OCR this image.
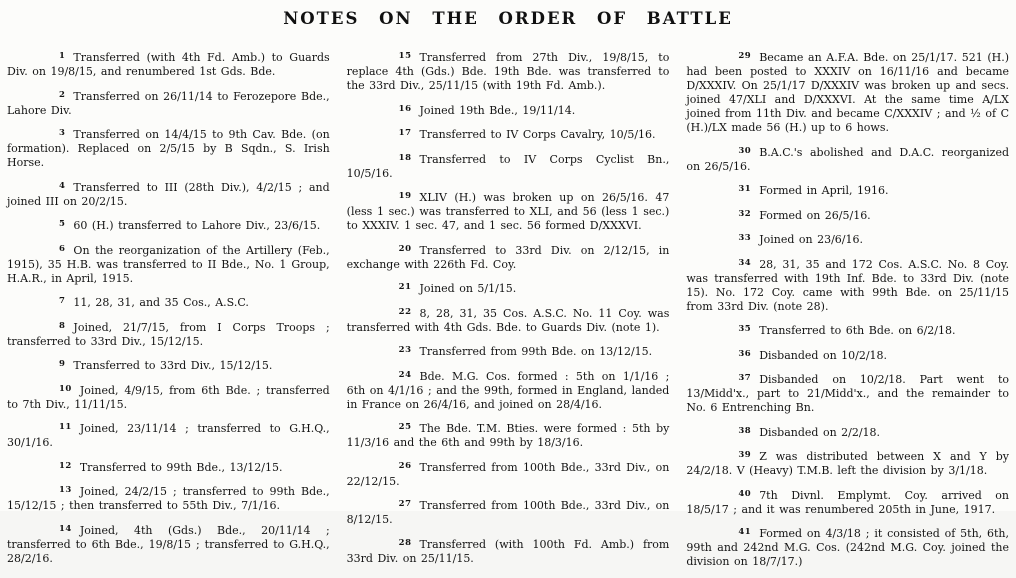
NOTES ON THE ORDER OF BATTLE

1 Transferred (with 4th Fd. Amb.) to Guards Div. on 19/8/15, and renumbered 1st Gds. Bde.

2 Transferred on 26/11/14 to Ferozepore Bde., Lahore Div.

3 Transferred on 14/4/15 to 9th Cav. Bde. (on formation). Replaced on 2/5/15 by B Sqdn., S. Irish Horse.

4 Transferred to III (28th Div.), 4/2/15 ; and joined III on 20/2/15.

5 60 (H.) transferred to Lahore Div., 23/6/15.

6 On the reorganization of the Artillery (Feb., 1915), 35 H.B. was transferred to II Bde., No. 1 Group, H.A.R., in April, 1915.

7 11, 28, 31, and 35 Cos., A.S.C.

8 Joined, 21/7/15, from I Corps Troops ; transferred to 33rd Div., 15/12/15.

9 Transferred to 33rd Div., 15/12/15.

10 Joined, 4/9/15, from 6th Bde. ; transferred to 7th Div., 11/11/15.

11 Joined, 23/11/14 ; transferred to G.H.Q., 30/1/16.

12 Transferred to 99th Bde., 13/12/15.

13 Joined, 24/2/15 ; transferred to 99th Bde., 15/12/15 ; then transferred to 55th Div., 7/1/16.

14 Joined, 4th (Gds.) Bde., 20/11/14 ; transferred to 6th Bde., 19/8/15 ; transferred to G.H.Q., 28/2/16.

15 Transferred from 27th Div., 19/8/15, to replace 4th (Gds.) Bde. 19th Bde. was transferred to the 33rd Div., 25/11/15 (with 19th Fd. Amb.).

16 Joined 19th Bde., 19/11/14.

17 Transferred to IV Corps Cavalry, 10/5/16.

18 Transferred to IV Corps Cyclist Bn., 10/5/16.

19 XLIV (H.) was broken up on 26/5/16. 47 (less 1 sec.) was transferred to XLI, and 56 (less 1 sec.) to XXXIV. 1 sec. 47, and 1 sec. 56 formed D/XXXVI.

20 Transferred to 33rd Div. on 2/12/15, in exchange with 226th Fd. Coy.

21 Joined on 5/1/15.

22 8, 28, 31, 35 Cos. A.S.C. No. 11 Coy. was transferred with 4th Gds. Bde. to Guards Div. (note 1).

23 Transferred from 99th Bde. on 13/12/15.

24 Bde. M.G. Cos. formed : 5th on 1/1/16 ; 6th on 4/1/16 ; and the 99th, formed in England, landed in France on 26/4/16, and joined on 28/4/16.

25 The Bde. T.M. Bties. were formed : 5th by 11/3/16 and the 6th and 99th by 18/3/16.

26 Transferred from 100th Bde., 33rd Div., on 22/12/15.

27 Transferred from 100th Bde., 33rd Div., on 8/12/15.

28 Transferred (with 100th Fd. Amb.) from 33rd Div. on 25/11/15.

29 Became an A.F.A. Bde. on 25/1/17. 521 (H.) had been posted to XXXIV on 16/11/16 and became D/XXXIV. On 25/1/17 D/XXXIV was broken up and secs. joined 47/XLI and D/XXXVI. At the same time A/LX joined from 11th Div. and became C/XXXIV ; and ½ of C (H.)/LX made 56 (H.) up to 6 hows.

30 B.A.C.'s abolished and D.A.C. reorganized on 26/5/16.

31 Formed in April, 1916.

32 Formed on 26/5/16.

33 Joined on 23/6/16.

34 28, 31, 35 and 172 Cos. A.S.C. No. 8 Coy. was transferred with 19th Inf. Bde. to 33rd Div. (note 15). No. 172 Coy. came with 99th Bde. on 25/11/15 from 33rd Div. (note 28).

35 Transferred to 6th Bde. on 6/2/18.

36 Disbanded on 10/2/18.

37 Disbanded on 10/2/18. Part went to 13/Midd'x., part to 21/Midd'x., and the remainder to No. 6 Entrenching Bn.

38 Disbanded on 2/2/18.

39 Z was distributed between X and Y by 24/2/18. V (Heavy) T.M.B. left the division by 3/1/18.

40 7th Divnl. Emplymt. Coy. arrived on 18/5/17 ; and it was renumbered 205th in June, 1917.

41 Formed on 4/3/18 ; it consisted of 5th, 6th, 99th and 242nd M.G. Cos. (242nd M.G. Coy. joined the division on 18/7/17.)
